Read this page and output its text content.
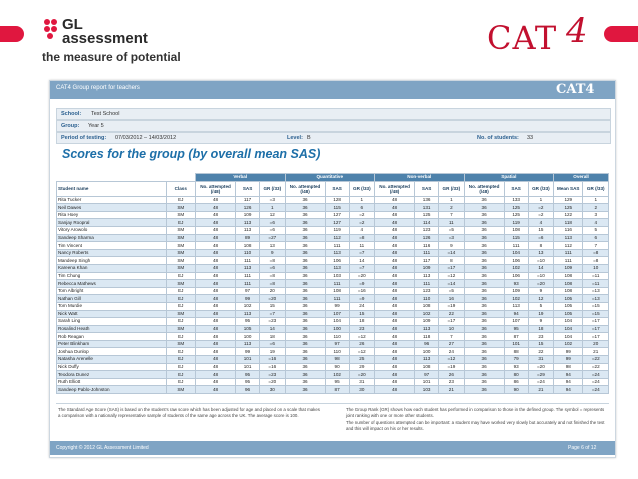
GL
assessment
the measure of potential	CAT 4
CAT4 Group report for teachers	CAT4
School: Test School
Group: Year 5
Period of testing: 07/03/2012 – 14/03/2012	Level: B	No. of students: 33
Scores for the group (by overall mean SAS)
		Verbal			Quantitative			Non-verbal			Spatial			Overall	
Student name	Class	No. attempted (/48)	SAS	GR (/33)	No. attempted (/48)	SAS	GR (/33)	No. attempted (/48)	SAS	GR (/33)	No. attempted (/48)	SAS	GR (/33)	Mean SAS	GR (/33)
Rita Tucker	EJ	48	117	=3	36	128	1	48	136	1	36	133	1	129	1
Neil Dawes	SM	48	126	1	36	115	6	48	131	2	36	125	=2	125	2
Rita Hoey	SM	48	109	12	36	127	=2	48	125	7	36	125	=2	122	3
Sanjay Roopral	EJ	48	113	=6	36	127	=2	48	114	11	36	119	4	118	4
Vitory Arowolo	SM	48	113	=6	36	119	4	48	123	=5	36	108	15	116	5
Sandeep Sharma	SM	48	89	=27	36	112	=8	48	126	=3	36	115	=6	113	6
Tim Vincent	SM	48	108	13	36	111	11	48	116	9	36	111	8	112	7
Nancy Roberts	SM	48	110	9	36	113	=7	48	111	=14	36	104	13	111	=8
Mandeep Singh	SM	48	111	=8	36	106	14	48	117	8	36	106	=10	111	=8
Kareena Khan	SM	48	113	=6	36	113	=7	48	109	=17	36	102	14	109	10
Tim Chung	EJ	48	111	=8	36	103	=20	48	113	=12	36	106	=10	108	=11
Rebecca Mathews	SM	48	111	=8	36	111	=9	48	111	=14	36	93	=20	108	=11
Tom Albright	EJ	48	97	20	36	108	=16	48	123	=5	36	109	9	108	=13
Nathan Gill	EJ	48	99	=20	36	111	=9	48	110	16	36	102	12	105	=13
Tom Murdie	EJ	48	102	15	36	99	24	48	108	=19	36	113	5	105	=15
Nick Watt	SM	48	113	=7	36	107	15	48	102	22	36	94	19	105	=15
Sarah Ling	EJ	48	95	=23	36	104	18	48	109	=17	36	107	9	104	=17
Rosalind Heath	SM	48	105	14	36	100	23	48	113	10	36	95	18	104	=17
Rob Reagan	EJ	48	100	18	36	110	=12	48	118	7	36	87	23	104	=17
Peter Blinkham	SM	48	113	=6	36	97	26	48	96	27	36	101	15	102	20
Joshua Dunlop	EJ	48	99	19	36	110	=12	48	100	24	36	88	22	99	21
Natasha Arenelle	EJ	48	101	=16	36	98	25	48	113	=12	36	79	31	99	=22
Nick Duffy	EJ	48	101	=16	36	90	29	48	108	=19	36	93	=20	98	=22
Teodora Dunez	EJ	48	95	=23	36	102	=20	48	97	26	36	80	=29	94	=24
Ruth Elliott	EJ	48	95	=20	36	95	31	48	101	23	36	86	=24	94	=24
Sandeep Pablo-Johnston	SM	48	96	30	36	87	30	48	103	21	36	90	21	94	=24
The Standard Age Score (SAS) is based on the student's raw score which has been adjusted for age and placed on a scale that makes a comparison with a nationally representative sample of students of the same age across the UK. The average score is 100.
The Group Rank (GR) shows how each student has performed in comparison to those in the defined group. The symbol = represents joint ranking with one or more other students.
The number of questions attempted can be important: a student may have worked very slowly but accurately and not finished the test and this will impact on his or her results.
Copyright © 2012 GL Assessment Limited	Page 6 of 12
